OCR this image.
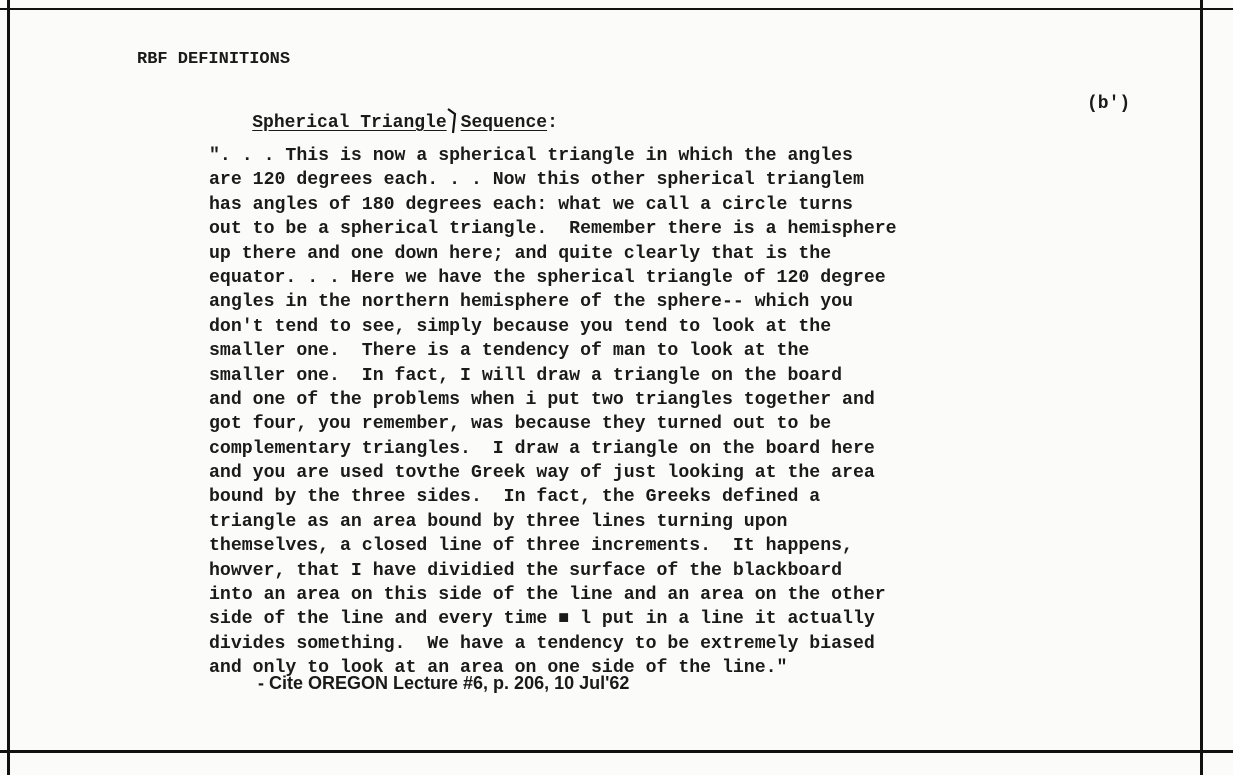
RBF DEFINITIONS

Spherical Triangle Sequence:

(b')
". . . This is now a spherical triangle in which the angles
are 120 degrees each. . . Now this other spherical trianglem
has angles of 180 degrees each: what we call a circle turns
out to be a spherical triangle.  Remember there is a hemisphere
up there and one down here; and quite clearly that is the
equator. . . Here we have the spherical triangle of 120 degree
angles in the northern hemisphere of the sphere-- which you
don't tend to see, simply because you tend to look at the
smaller one.  There is a tendency of man to look at the
smaller one.  In fact, I will draw a triangle on the board
and one of the problems when i put two triangles together and
got four, you remember, was because they turned out to be
complementary triangles.  I draw a triangle on the board here
and you are used tovthe Greek way of just looking at the area
bound by the three sides.  In fact, the Greeks defined a
triangle as an area bound by three lines turning upon
themselves, a closed line of three increments.  It happens,
howver, that I have dividied the surface of the blackboard
into an area on this side of the line and an area on the other
side of the line and every time ■ l put in a line it actually
divides something.  We have a tendency to be extremely biased
and only to look at an area on one side of the line."
- Cite OREGON Lecture #6, p. 206, 10 Jul'62
